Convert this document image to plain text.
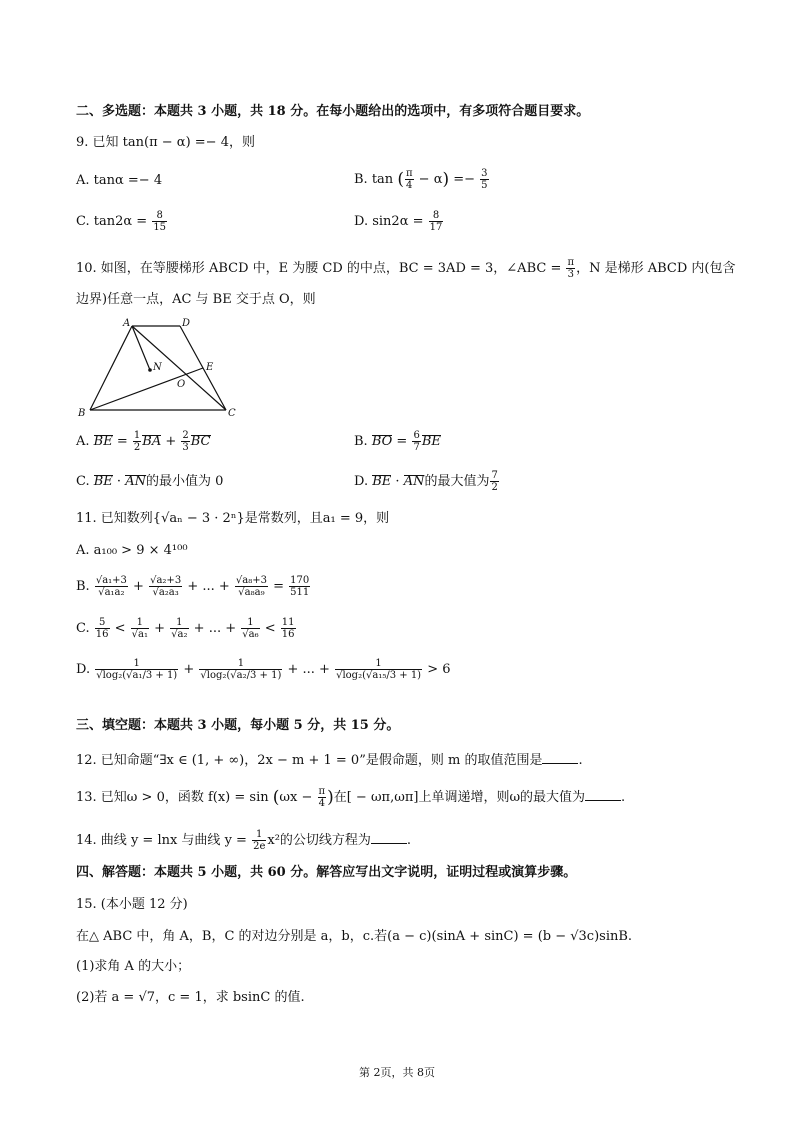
二、多选题：本题共 3 小题，共 18 分。在每小题给出的选项中，有多项符合题目要求。
9. 已知 tan(π − α) =− 4，则
A. tanα =− 4	B. tan ( $\frac{\pi}{4} - \alpha) =- \frac{3}{5}$
C. $\tan 2\alpha = \frac{8}{15}$	D. $\sin 2\alpha = \frac{8}{17}$
10. 如图，在等腰梯形 ABCD 中，E 为腰 CD 的中点，BC = 3AD = 3，∠ABC = $\frac{\pi}{3}$ ，N 是梯形 ABCD 内(包含
边界)任意一点，AC 与 BE 交于点 O，则
A	D
B	C
E
N
O
A. BE = $\frac{1}{2}$ BA + $\frac{2}{3}$ BC	B. BO = $\frac{6}{7}$ BE
C. BE · AN的最小值为 0	D. BE · AN的最大值为 $\frac{7}{2}$
11. 已知数列{√aₙ − 3 · 2ⁿ}是常数列，且a₁ = 9，则
A. a₁₀₀ > 9 × 4¹⁰⁰
B. $\frac{\text{√a₁+3}}{\text{√a₁a₂}} + \frac{\text{√a₂+3}}{\text{√a₂a₃}}$ + ... + $\frac{\text{√a₈+3}}{\text{√a₈a₉}} = \frac{170}{511}$
C. $\frac{5}{16} < \frac{1}{\text{√a₁}} + \frac{1}{\text{√a₂}}$ + ... + $\frac{1}{\text{√a₆}} < \frac{11}{16}$
D. $\frac{1}{\text{√log₂(√a₁/3 + 1)}} + \frac{1}{\text{√log₂(√a₂/3 + 1)}}$ + ... + $\frac{1}{\text{√log₂(√a₁₅/3 + 1)}} > 6$
三、填空题：本题共 3 小题，每小题 5 分，共 15 分。
12. 已知命题“∃x ∈ (1, + ∞)，2x − m + 1 = 0”是假命题，则 m 的取值范围是	.
13. 已知ω > 0，函数 $f(x) = \sin (\omega x - \frac{\pi}{4}$ )在[ − ωπ,ωπ]上单调递增，则ω的最大值为	.
14. 曲线 y = lnx 与曲线 $y = \frac{1}{2e} x^2$的公切线方程为	.
四、解答题：本题共 5 小题，共 60 分。解答应写出文字说明，证明过程或演算步骤。
15. (本小题 12 分)
在△ ABC 中，角 A，B，C 的对边分别是 a，b，c.若(a − c)(sinA + sinC) = (b − √3c)sinB.
(1)求角 A 的大小；
(2)若 a = √7，c = 1，求 bsinC 的值.
第 2页，共 8页
